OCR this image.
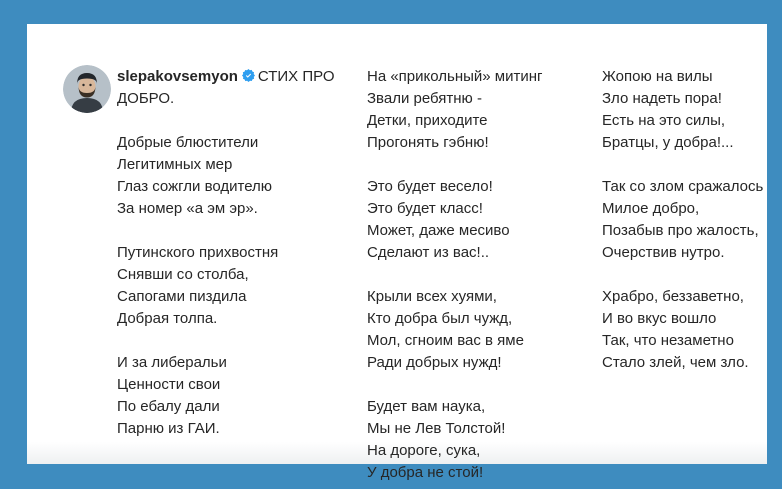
slepakovsemyon СТИХ ПРО ДОБРО.

Добрые блюстители
Легитимных мер
Глаз сожгли водителю
За номер «а эм эр».

Путинского прихвостня
Снявши со столба,
Сапогами пиздила
Добрая толпа.

И за либеральи
Ценности свои
По ебалу дали
Парню из ГАИ.

На «прикольный» митинг
Звали ребятню -
Детки, приходите
Прогонять гэбню!

Это будет весело!
Это будет класс!
Может, даже месиво
Сделают из вас!..

Крыли всех хуями,
Кто добра был чужд,
Мол, сгноим вас в яме
Ради добрых нужд!

Будет вам наука,
Мы не Лев Толстой!
На дороге, сука,
У добра не стой!

Жопою на вилы
Зло надеть пора!
Есть на это силы,
Братцы, у добра!...

Так со злом сражалось
Милое добро,
Позабыв про жалость,
Очерствив нутро.

Храбро, беззаветно,
И во вкус вошло
Так, что незаметно
Стало злей, чем зло.
